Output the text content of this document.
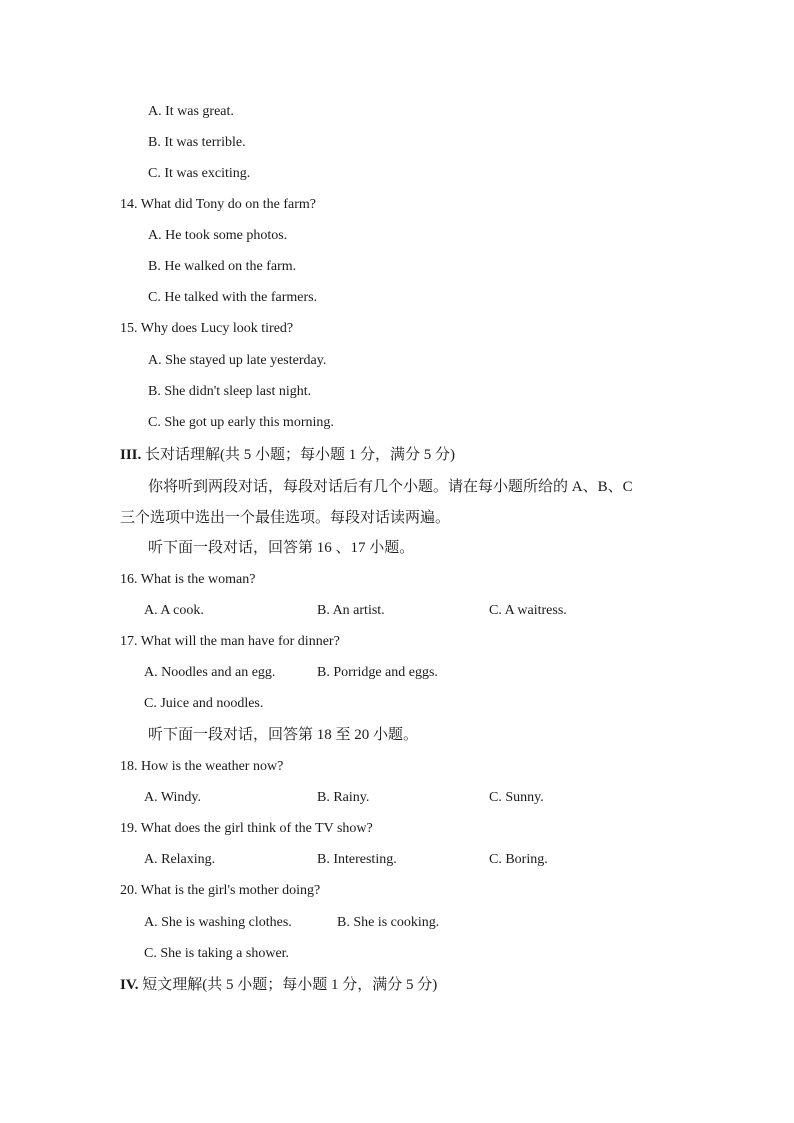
A. It was great.
B. It was terrible.
C. It was exciting.
14. What did Tony do on the farm?
A. He took some photos.
B. He walked on the farm.
C. He talked with the farmers.
15. Why does Lucy look tired?
A. She stayed up late yesterday.
B. She didn't sleep last night.
C. She got up early this morning.
III. 长对话理解(共 5 小题；每小题 1 分，满分 5 分)
你将听到两段对话，每段对话后有几个小题。请在每小题所给的 A、B、C
三个选项中选出一个最佳选项。每段对话读两遍。
听下面一段对话，回答第 16 、17 小题。
16. What is the woman?
A. A cook.	B. An artist.	C. A waitress.
17. What will the man have for dinner?
A. Noodles and an egg.	B. Porridge and eggs.
C. Juice and noodles.
听下面一段对话，回答第 18 至 20 小题。
18. How is the weather now?
A. Windy.	B. Rainy.	C. Sunny.
19. What does the girl think of the TV show?
A. Relaxing.	B. Interesting.	C. Boring.
20. What is the girl's mother doing?
A. She is washing clothes.	B. She is cooking.
C. She is taking a shower.
IV. 短文理解(共 5 小题；每小题 1 分，满分 5 分)
